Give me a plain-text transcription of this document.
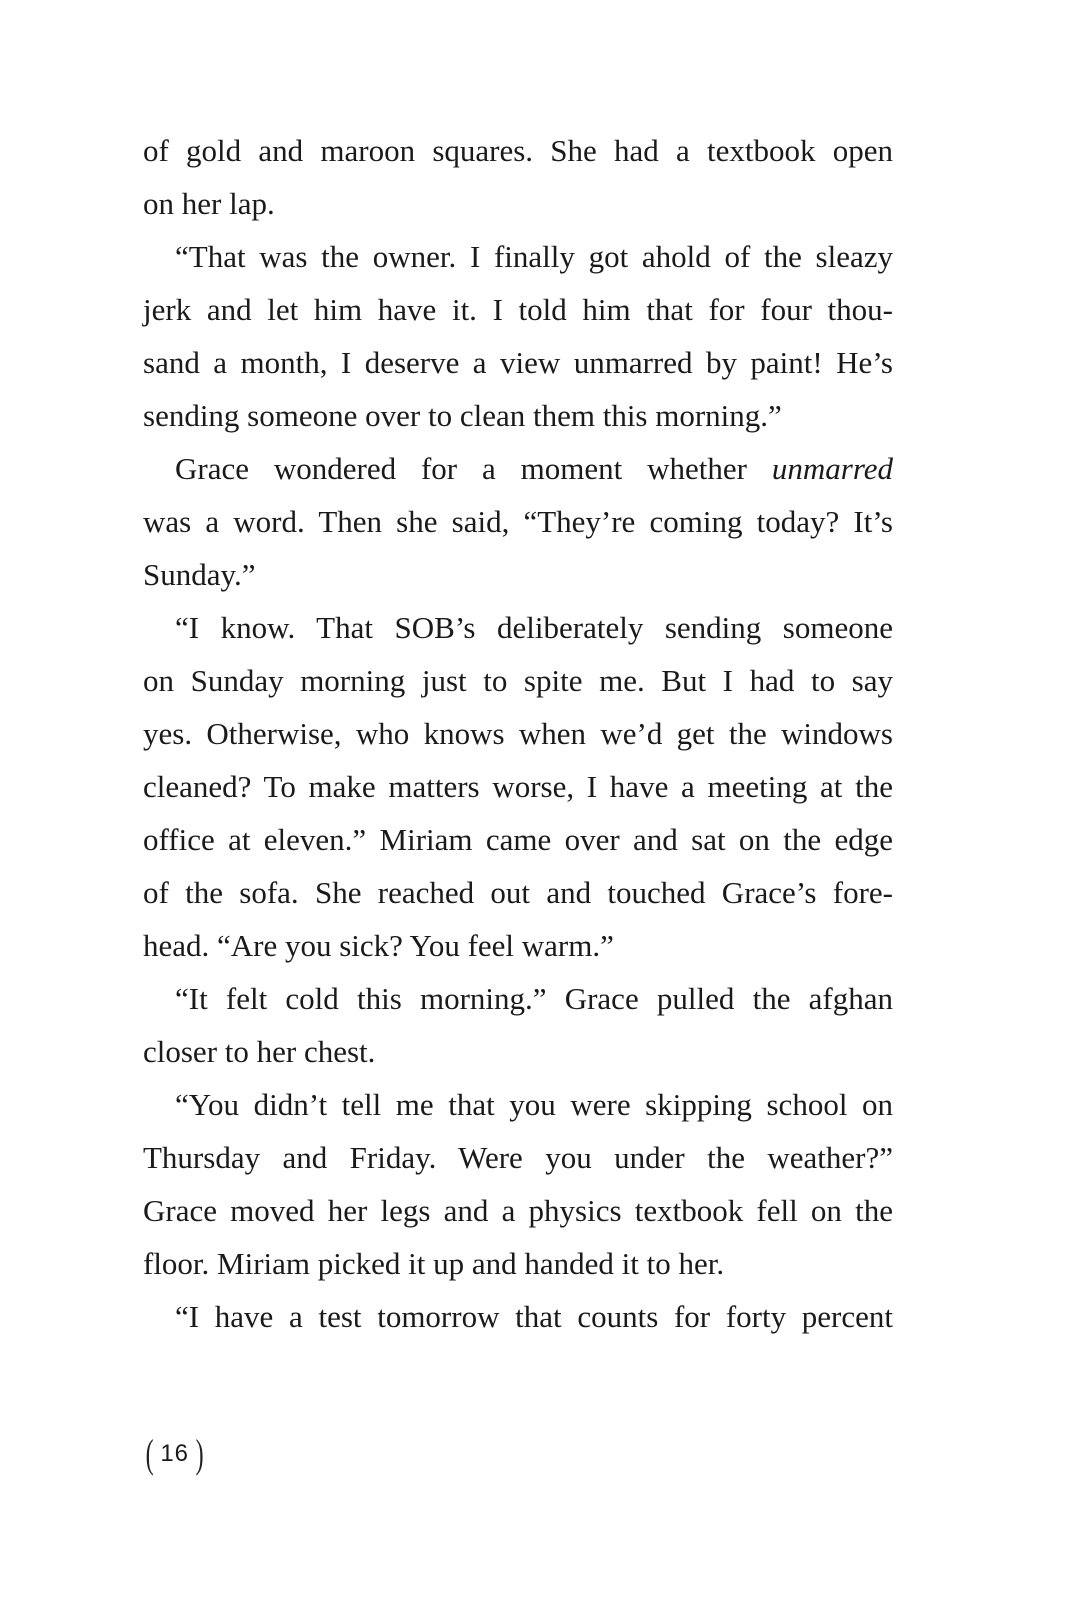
of gold and maroon squares. She had a textbook open
on her lap.
“That was the owner. I finally got ahold of the sleazy
jerk and let him have it. I told him that for four thou-
sand a month, I deserve a view unmarred by paint! He’s
sending someone over to clean them this morning.”
Grace wondered for a moment whether unmarred
was a word. Then she said, “They’re coming today? It’s
Sunday.”
“I know. That SOB’s deliberately sending someone
on Sunday morning just to spite me. But I had to say
yes. Otherwise, who knows when we’d get the windows
cleaned? To make matters worse, I have a meeting at the
office at eleven.” Miriam came over and sat on the edge
of the sofa. She reached out and touched Grace’s fore-
head. “Are you sick? You feel warm.”
“It felt cold this morning.” Grace pulled the afghan
closer to her chest.
“You didn’t tell me that you were skipping school on
Thursday and Friday. Were you under the weather?”
Grace moved her legs and a physics textbook fell on the
floor. Miriam picked it up and handed it to her.
“I have a test tomorrow that counts for forty percent
( 16 )
